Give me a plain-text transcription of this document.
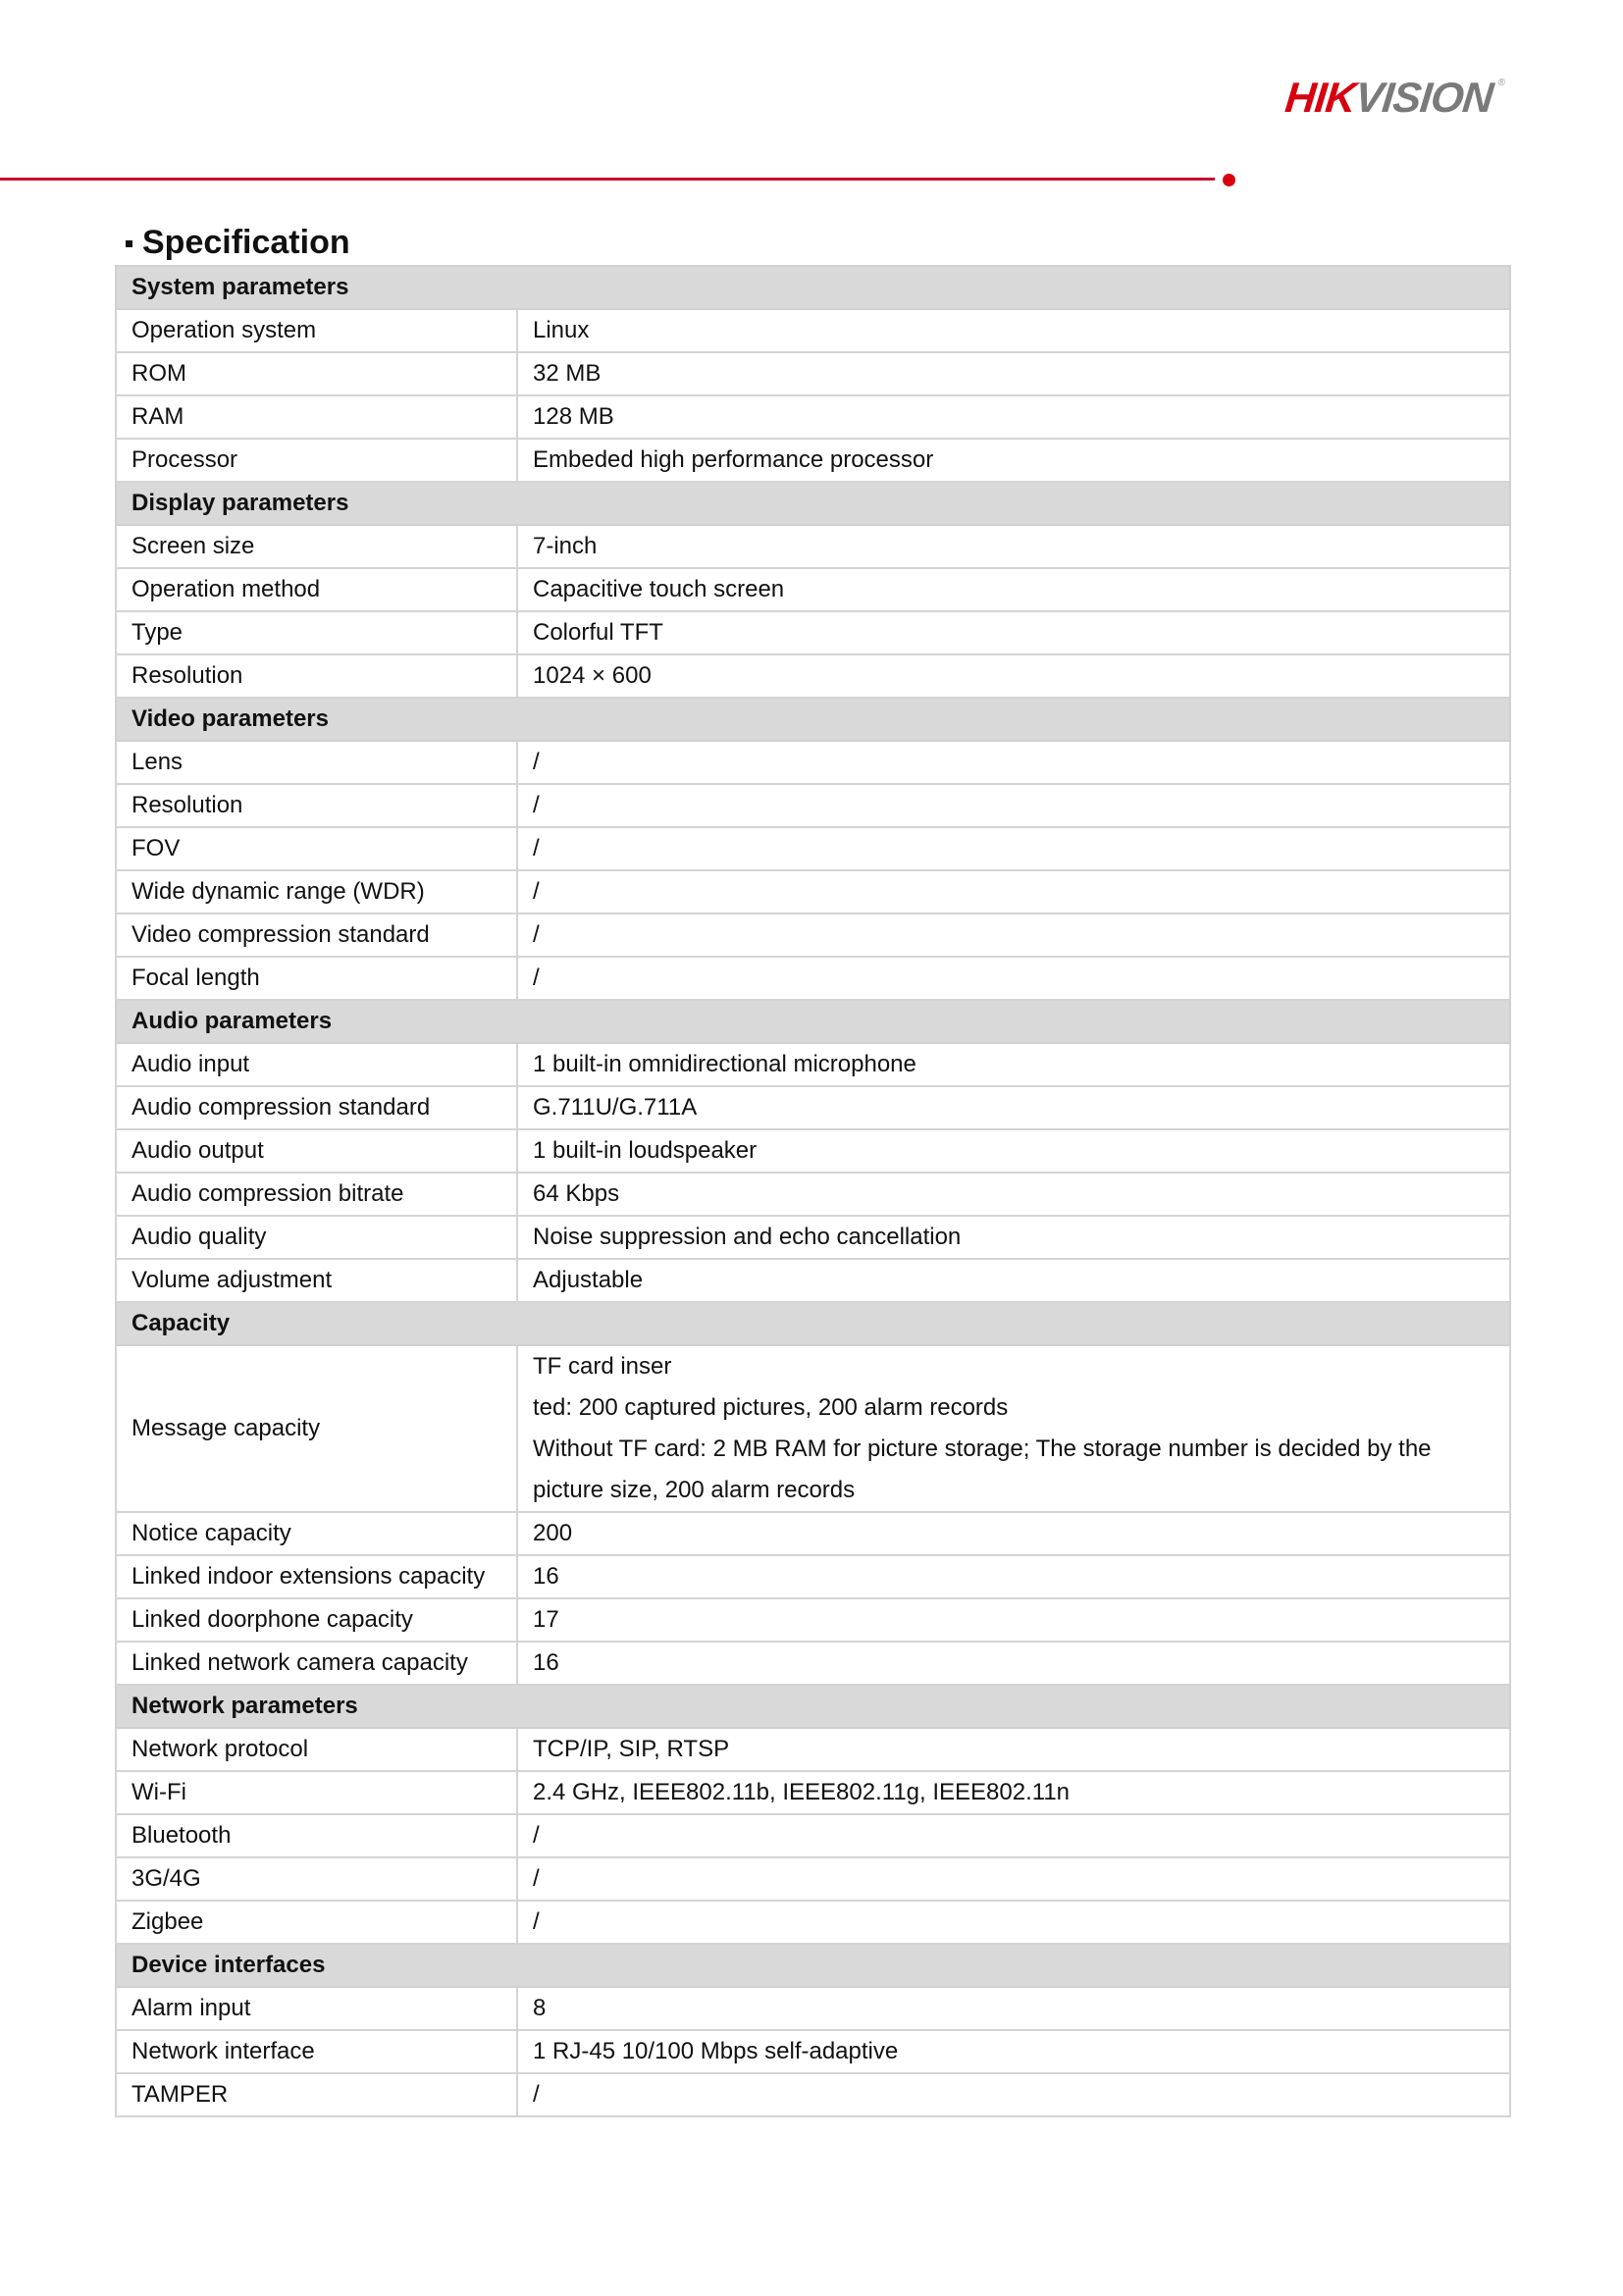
HIK
VISION ®
Specification
System parameters	
Operation system	Linux

ROM	32 MB

RAM	128 MB

Processor	Embeded high performance processor

Display parameters	
Screen size	7-inch

Operation method	Capacitive touch screen

Type	Colorful TFT

Resolution	1024 × 600

Video parameters	
Lens	/

Resolution	/

FOV	/

Wide dynamic range (WDR)	/

Video compression standard	/

Focal length	/

Audio parameters	
Audio input	1 built-in omnidirectional microphone

Audio compression standard	G.711U/G.711A

Audio output	1 built-in loudspeaker

Audio compression bitrate	64 Kbps

Audio quality	Noise suppression and echo cancellation

Volume adjustment	Adjustable

Capacity	
Message capacity	TF card inser
ted: 200 captured pictures, 200 alarm records
Without TF card: 2 MB RAM for picture storage; The storage number is decided by the
picture size, 200 alarm records

Notice capacity	200

Linked indoor extensions capacity	16

Linked doorphone capacity	17

Linked network camera capacity	16

Network parameters	
Network protocol	TCP/IP, SIP, RTSP

Wi-Fi	2.4 GHz, IEEE802.11b, IEEE802.11g, IEEE802.11n

Bluetooth	/

3G/4G	/

Zigbee	/

Device interfaces	
Alarm input	8

Network interface	1 RJ-45 10/100 Mbps self-adaptive

TAMPER	/
